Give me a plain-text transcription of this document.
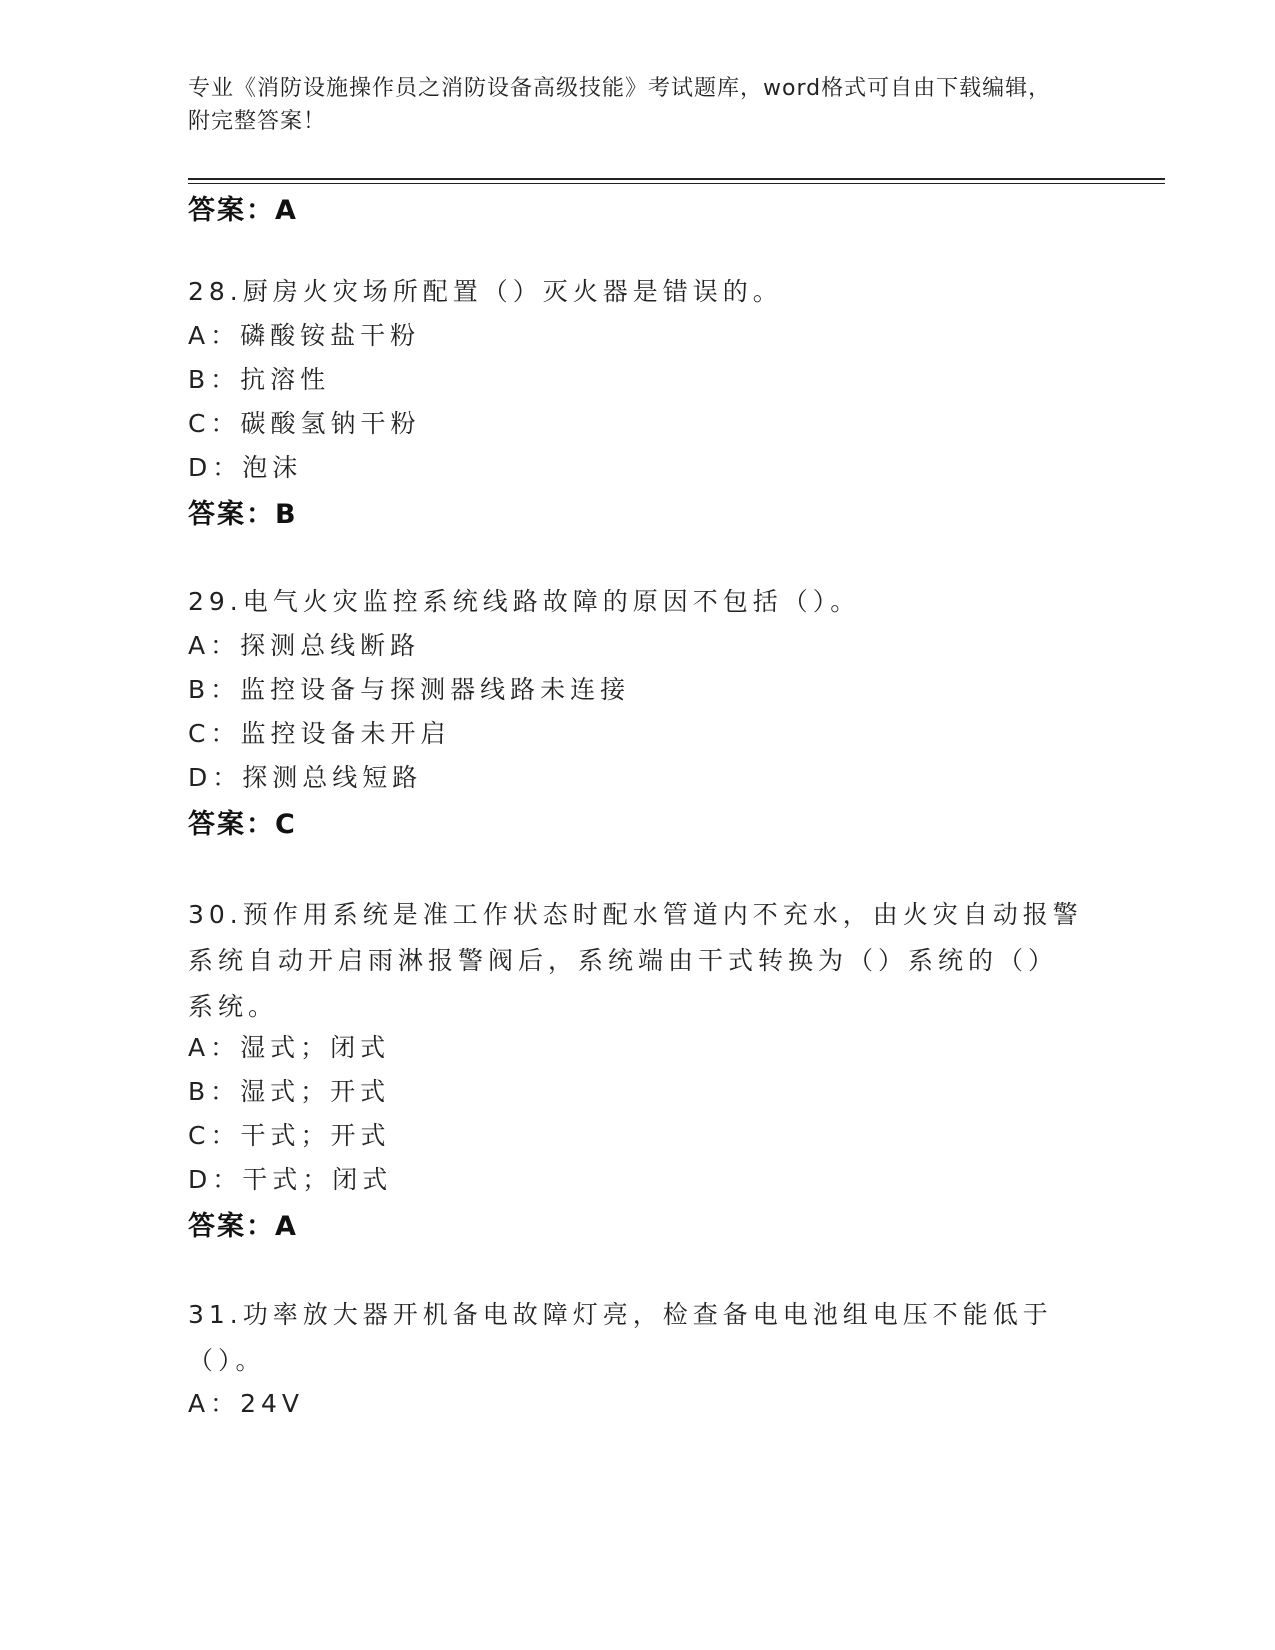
专业《消防设施操作员之消防设备高级技能》考试题库，word格式可自由下载编辑，附完整答案！
答案：A
28.厨房火灾场所配置（）灭火器是错误的。
A：磷酸铵盐干粉
B：抗溶性
C：碳酸氢钠干粉
D：泡沫
答案：B
29.电气火灾监控系统线路故障的原因不包括（）。
A：探测总线断路
B：监控设备与探测器线路未连接
C：监控设备未开启
D：探测总线短路
答案：C
30.预作用系统是准工作状态时配水管道内不充水，由火灾自动报警系统自动开启雨淋报警阀后，系统端由干式转换为（）系统的（）系统。
A：湿式；闭式
B：湿式；开式
C：干式；开式
D：干式；闭式
答案：A
31.功率放大器开机备电故障灯亮，检查备电电池组电压不能低于（）。
A：24V
